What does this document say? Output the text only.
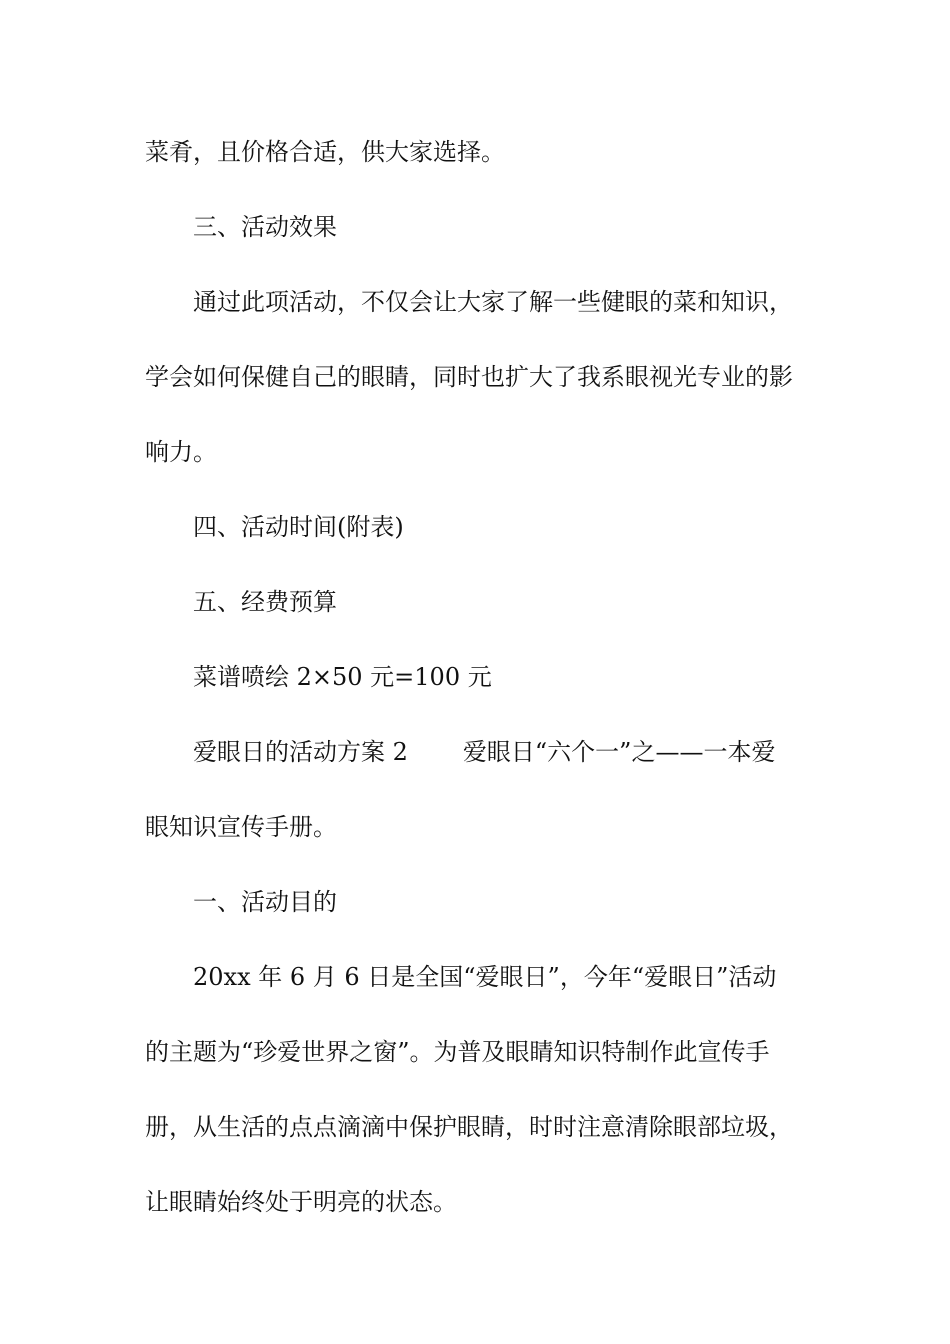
菜肴，且价格合适，供大家选择。
三、活动效果
通过此项活动，不仅会让大家了解一些健眼的菜和知识，
学会如何保健自己的眼睛，同时也扩大了我系眼视光专业的影
响力。
四、活动时间(附表)
五、经费预算
菜谱喷绘 2×50 元=100 元
爱眼日的活动方案 2 爱眼日“六个一”之——一本爱
眼知识宣传手册。
一、活动目的
20xx 年 6 月 6 日是全国“爱眼日”，今年“爱眼日”活动
的主题为“珍爱世界之窗”。为普及眼睛知识特制作此宣传手
册，从生活的点点滴滴中保护眼睛，时时注意清除眼部垃圾，
让眼睛始终处于明亮的状态。
